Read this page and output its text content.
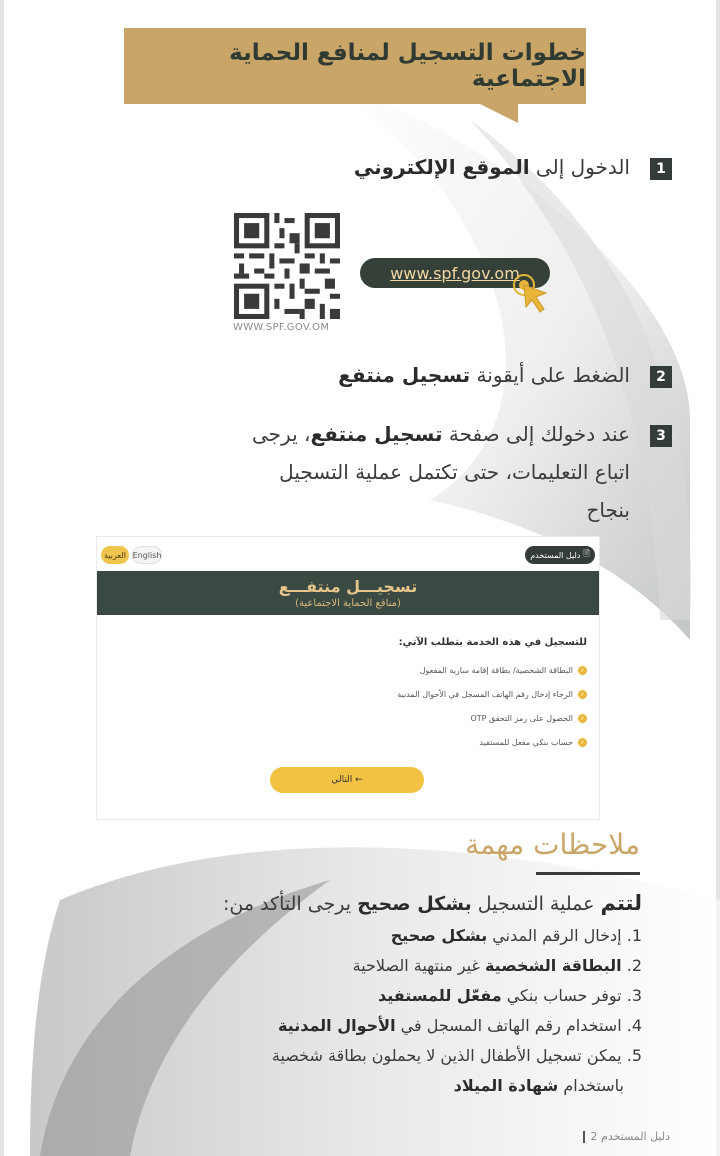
خطوات التسجيل لمنافع الحماية الاجتماعية
1
الدخول إلى الموقع الإلكتروني
WWW.SPF.GOV.OM
www.spf.gov.om
2
الضغط على أيقونة تسجيل منتفع
3
عند دخولك إلى صفحة تسجيل منتفع، يرجى
اتباع التعليمات، حتى تكتمل عملية التسجيل
بنجاح
العربية English	🗎
دليل المستخدم
تسجيـــل منتفـــع
(منافع الحماية الاجتماعية)
للتسجيل في هذه الخدمة يتطلب الآتي:
✓
البطاقة الشخصية/ بطاقة إقامة سارية المفعول
✓
الرجاء إدخال رقم الهاتف المسجل في الأحوال المدنية
✓
الحصول على رمز التحقق OTP
✓
حساب بنكي مفعل للمستفيد
← التالي
ملاحظات مهمة
لتتم عملية التسجيل بشكل صحيح يرجى التأكد من:
1. إدخال الرقم المدني بشكل صحيح
2. البطاقة الشخصية غير منتهية الصلاحية
3. توفر حساب بنكي مفعّل للمستفيد
4. استخدام رقم الهاتف المسجل في الأحوال المدنية
5. يمكن تسجيل الأطفال الذين لا يحملون بطاقة شخصية
باستخدام شهادة الميلاد
دليل المستخدم 2
